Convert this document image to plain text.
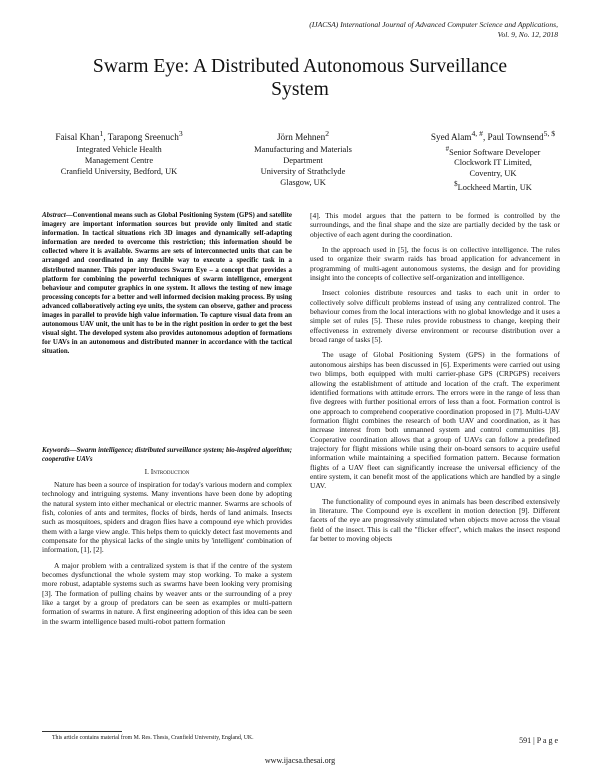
(IJACSA) International Journal of Advanced Computer Science and Applications,
Vol. 9, No. 12, 2018
Swarm Eye: A Distributed Autonomous Surveillance
System
Faisal Khan$^1$, Tarapong Sreenuch$^3$
Integrated Vehicle Health
Management Centre
Cranfield University, Bedford, UK
Jörn Mehnen$^2$
Manufacturing and Materials
Department
University of Strathclyde
Glasgow, UK
Syed Alam$^{4, \#}$, Paul Townsend$^{5, \$}$
#Senior Software Developer
Clockwork IT Limited,
Coventry, UK
$Lockheed Martin, UK
Abstract—Conventional means such as Global Positioning System (GPS) and satellite imagery are important information sources but provide only limited and static information. In tactical situations rich 3D images and dynamically self-adapting information are needed to overcome this restriction; this information should be collected where it is available. Swarms are sets of interconnected units that can be arranged and coordinated in any flexible way to execute a specific task in a distributed manner. This paper introduces Swarm Eye – a concept that provides a platform for combining the powerful techniques of swarm intelligence, emergent behaviour and computer graphics in one system. It allows the testing of new image processing concepts for a better and well informed decision making process. By using advanced collaboratively acting eye units, the system can observe, gather and process images in parallel to provide high value information. To capture visual data from an autonomous UAV unit, the unit has to be in the right position in order to get the best visual sight. The developed system also provides autonomous adoption of formations for UAVs in an autonomous and distributed manner in accordance with the tactical situation.
Keywords—Swarm intelligence; distributed surveillance system; bio-inspired algorithm; cooperative UAVs
I. Introduction

Nature has been a source of inspiration for today's various modern and complex technology and intriguing systems. Many inventions have been done by adopting the natural system into either mechanical or electric manner. Swarms are schools of fish, colonies of ants and termites, flocks of birds, herds of land animals. Insects such as mosquitoes, spiders and dragon flies have a compound eye which provides them with a large view angle. This helps them to quickly detect fast movements and compensate for the physical lacks of the single units by 'intelligent' combination of information, [1], [2].

A major problem with a centralized system is that if the centre of the system becomes dysfunctional the whole system may stop working. To make a system more robust, adaptable systems such as swarms have been looking very promising [3]. The formation of pulling chains by weaver ants or the surrounding of a prey like a target by a group of predators can be seen as examples or multi-pattern formation of swarms in nature. A first engineering adoption of this idea can be seen in the swarm intelligence based multi-robot pattern formation

[4]. This model argues that the pattern to be formed is controlled by the surroundings, and the final shape and the size are partially decided by the task or objective of each agent during the coordination.

In the approach used in [5], the focus is on collective intelligence. The rules used to organize their swarm raids has broad application for advancement in programming of multi-agent autonomous systems, the design and for providing insight into the concepts of collective self-organization and intelligence.

Insect colonies distribute resources and tasks to each unit in order to collectively solve difficult problems instead of using any centralized control. The behaviour comes from the local interactions with no global knowledge and it uses a simple set of rules [5]. These rules provide robustness to change, keeping their effectiveness in extremely diverse environment or recourse distribution over a broad range of tasks [5].

The usage of Global Positioning System (GPS) in the formations of autonomous airships has been discussed in [6]. Experiments were carried out using two blimps, both equipped with multi carrier-phase GPS (CRPGPS) receivers allowing the establishment of attitude and location of the craft. The experiment identified formations with attitude errors. The errors were in the range of less than five degrees with further positional errors of less than a foot. Formation control is one approach to comprehend cooperative coordination proposed in [7]. Multi-UAV formation flight combines the research of both UAV and coordination, as it has increase interest from both unmanned system and control communities [8]. Cooperative coordination allows that a group of UAVs can follow a predefined trajectory for flight missions while using their on-board sensors to acquire useful information while maintaining a specified formation pattern. Because formation flights of a UAV fleet can significantly increase the universal efficiency of the entire system, it can benefit most of the applications which are handled by a single UAV.

The functionality of compound eyes in animals has been described extensively in literature. The Compound eye is excellent in motion detection [9]. Different facets of the eye are progressively stimulated when objects move across the visual field of the insect. This is call the "flicker effect", which makes the insect respond far better to moving objects

This article contains material from M. Res. Thesis, Cranfield University, England, UK.	591 | P a g e
www.ijacsa.thesai.org
